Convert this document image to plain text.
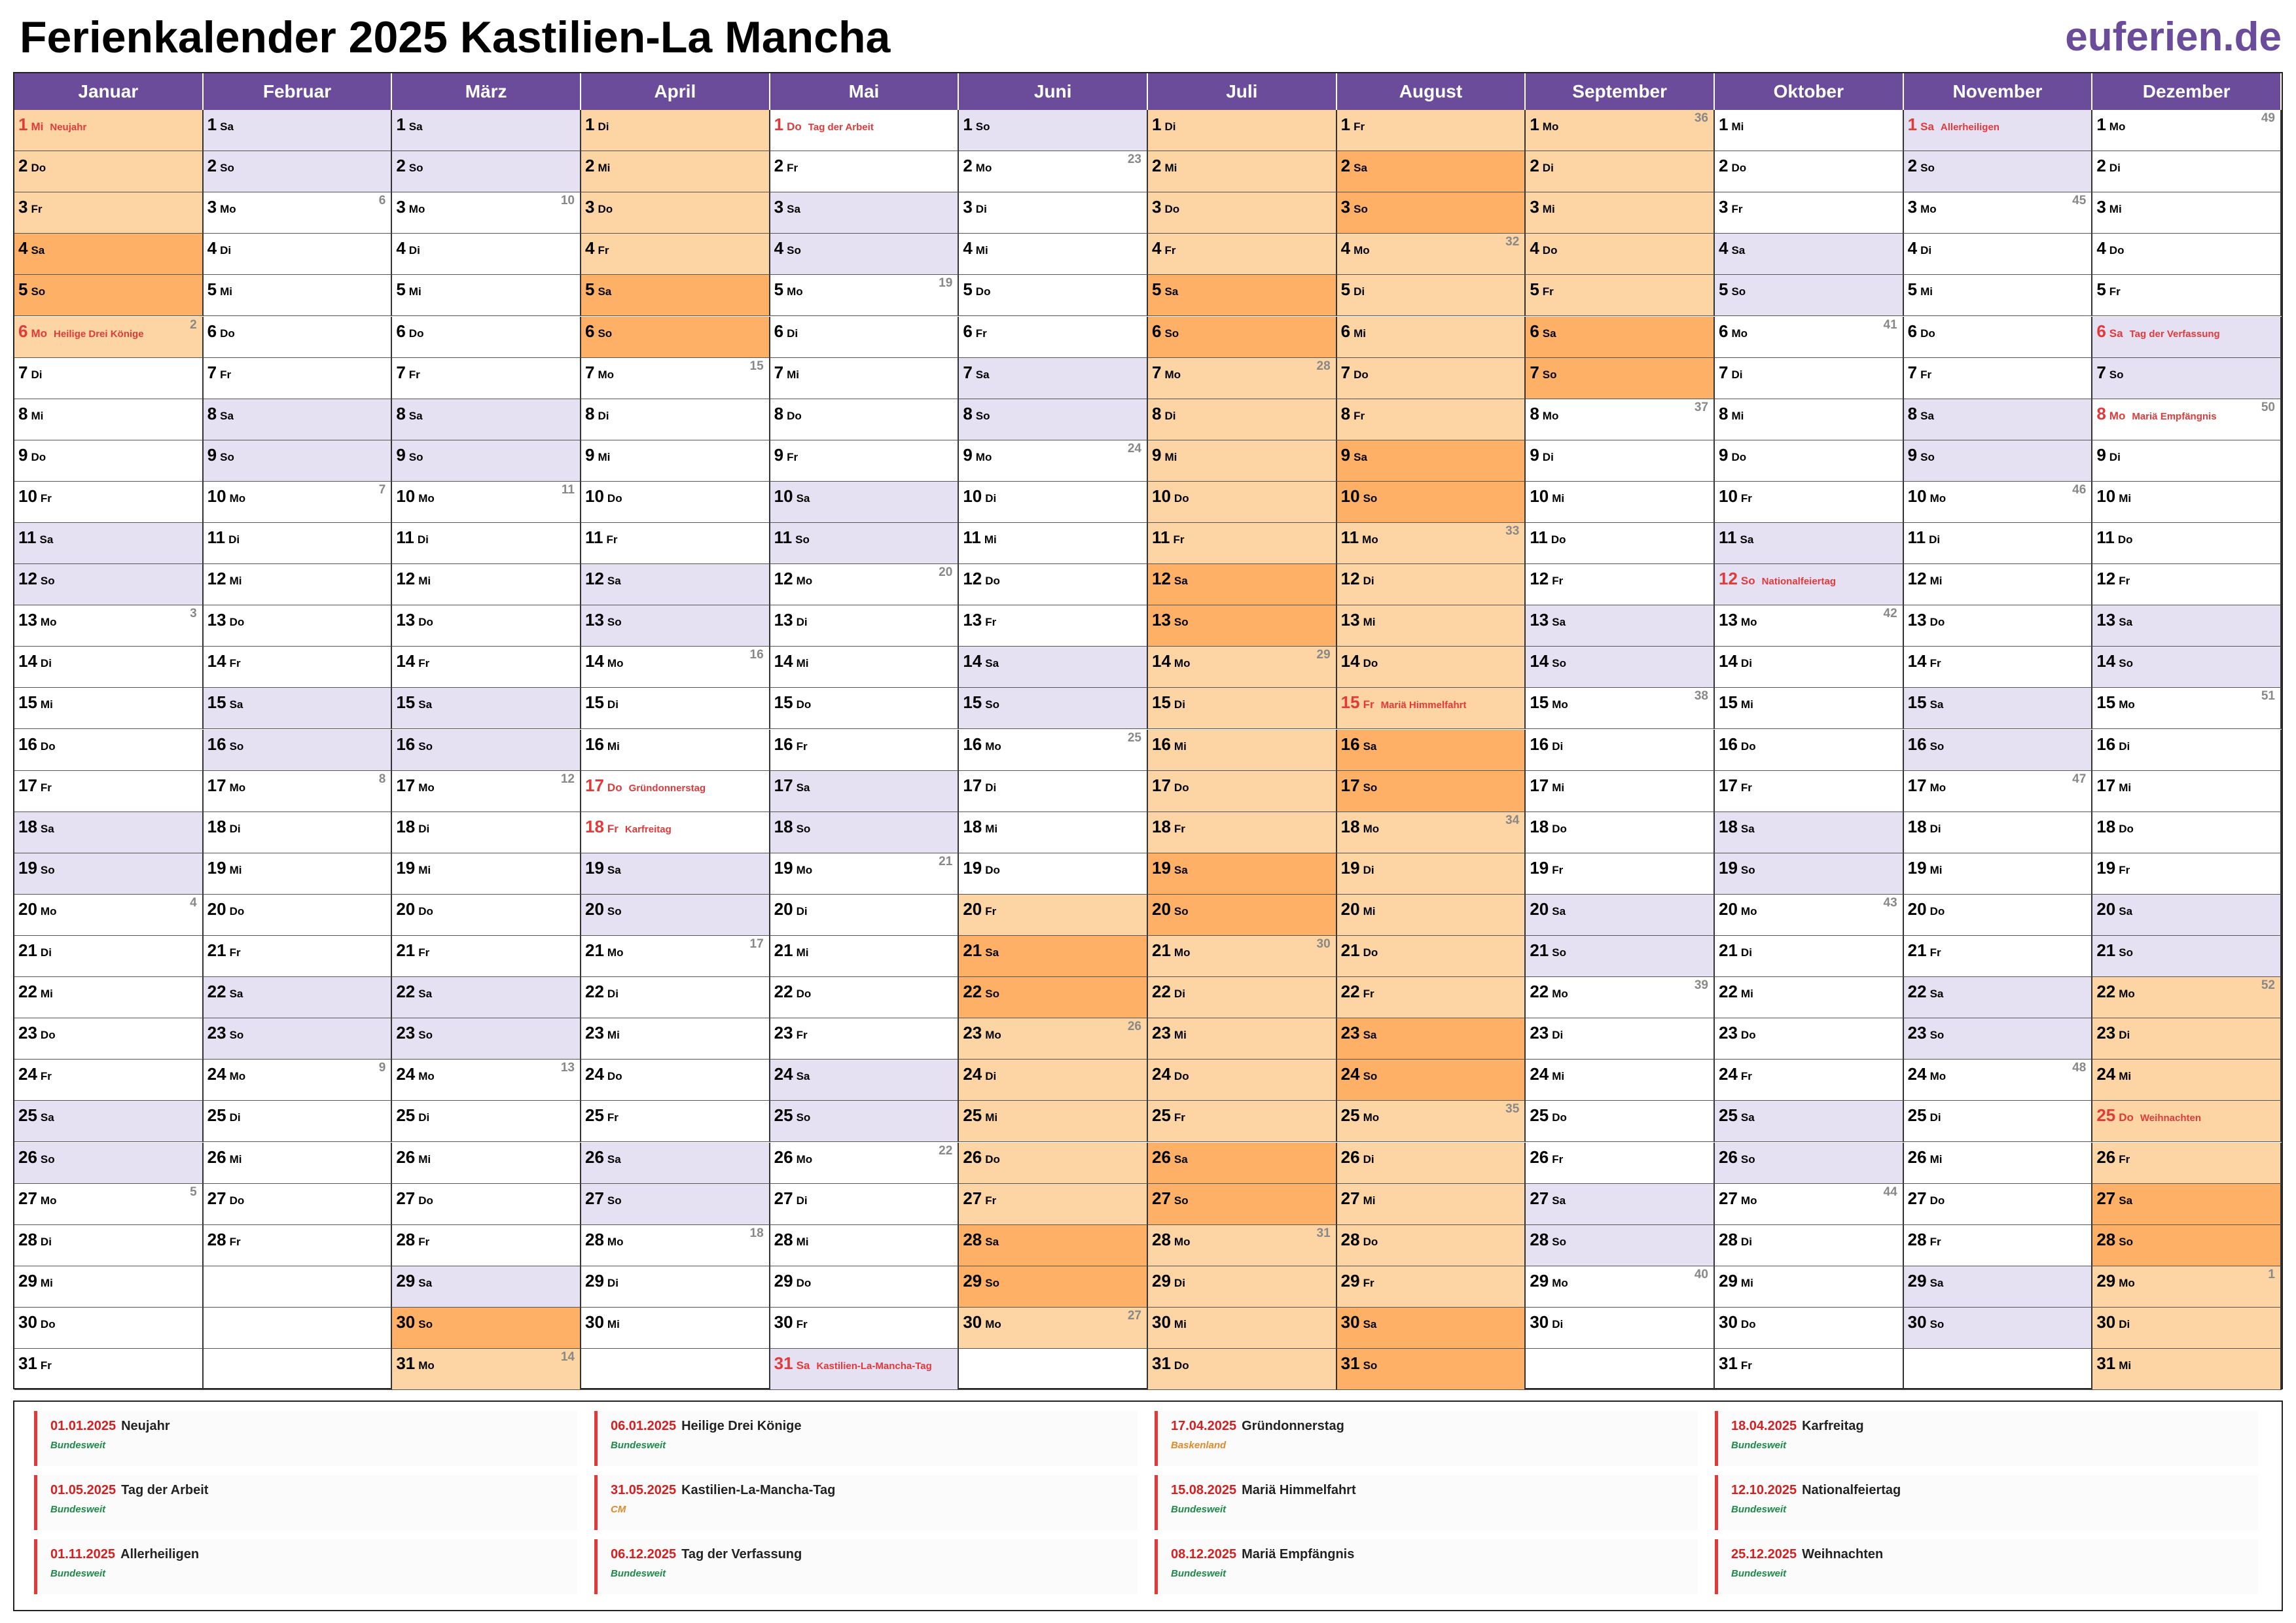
Ferienkalender 2025 Kastilien-La Mancha	euferien.de
Januar
1 Mi Neujahr
2 Do
3 Fr
4 Sa
5 So
6 Mo Heilige Drei Könige
2
7 Di
8 Mi
9 Do
10 Fr
11 Sa
12 So
13 Mo
3
14 Di
15 Mi
16 Do
17 Fr
18 Sa
19 So
20 Mo
4
21 Di
22 Mi
23 Do
24 Fr
25 Sa
26 So
27 Mo
5
28 Di
29 Mi
30 Do
31 Fr
Februar
1 Sa
2 So
3 Mo
6
4 Di
5 Mi
6 Do
7 Fr
8 Sa
9 So
10 Mo
7
11 Di
12 Mi
13 Do
14 Fr
15 Sa
16 So
17 Mo
8
18 Di
19 Mi
20 Do
21 Fr
22 Sa
23 So
24 Mo
9
25 Di
26 Mi
27 Do
28 Fr
März
1 Sa
2 So
3 Mo
10
4 Di
5 Mi
6 Do
7 Fr
8 Sa
9 So
10 Mo
11
11 Di
12 Mi
13 Do
14 Fr
15 Sa
16 So
17 Mo
12
18 Di
19 Mi
20 Do
21 Fr
22 Sa
23 So
24 Mo
13
25 Di
26 Mi
27 Do
28 Fr
29 Sa
30 So
31 Mo
14
April
1 Di
2 Mi
3 Do
4 Fr
5 Sa
6 So
7 Mo
15
8 Di
9 Mi
10 Do
11 Fr
12 Sa
13 So
14 Mo
16
15 Di
16 Mi
17 Do Gründonnerstag
18 Fr Karfreitag
19 Sa
20 So
21 Mo
17
22 Di
23 Mi
24 Do
25 Fr
26 Sa
27 So
28 Mo
18
29 Di
30 Mi
Mai
1 Do Tag der Arbeit
2 Fr
3 Sa
4 So
5 Mo
19
6 Di
7 Mi
8 Do
9 Fr
10 Sa
11 So
12 Mo
20
13 Di
14 Mi
15 Do
16 Fr
17 Sa
18 So
19 Mo
21
20 Di
21 Mi
22 Do
23 Fr
24 Sa
25 So
26 Mo
22
27 Di
28 Mi
29 Do
30 Fr
31 Sa Kastilien-La-Mancha-Tag
Juni
1 So
2 Mo
23
3 Di
4 Mi
5 Do
6 Fr
7 Sa
8 So
9 Mo
24
10 Di
11 Mi
12 Do
13 Fr
14 Sa
15 So
16 Mo
25
17 Di
18 Mi
19 Do
20 Fr
21 Sa
22 So
23 Mo
26
24 Di
25 Mi
26 Do
27 Fr
28 Sa
29 So
30 Mo
27
Juli
1 Di
2 Mi
3 Do
4 Fr
5 Sa
6 So
7 Mo
28
8 Di
9 Mi
10 Do
11 Fr
12 Sa
13 So
14 Mo
29
15 Di
16 Mi
17 Do
18 Fr
19 Sa
20 So
21 Mo
30
22 Di
23 Mi
24 Do
25 Fr
26 Sa
27 So
28 Mo
31
29 Di
30 Mi
31 Do
August
1 Fr
2 Sa
3 So
4 Mo
32
5 Di
6 Mi
7 Do
8 Fr
9 Sa
10 So
11 Mo
33
12 Di
13 Mi
14 Do
15 Fr Mariä Himmelfahrt
16 Sa
17 So
18 Mo
34
19 Di
20 Mi
21 Do
22 Fr
23 Sa
24 So
25 Mo
35
26 Di
27 Mi
28 Do
29 Fr
30 Sa
31 So
September
1 Mo
36
2 Di
3 Mi
4 Do
5 Fr
6 Sa
7 So
8 Mo
37
9 Di
10 Mi
11 Do
12 Fr
13 Sa
14 So
15 Mo
38
16 Di
17 Mi
18 Do
19 Fr
20 Sa
21 So
22 Mo
39
23 Di
24 Mi
25 Do
26 Fr
27 Sa
28 So
29 Mo
40
30 Di
Oktober
1 Mi
2 Do
3 Fr
4 Sa
5 So
6 Mo
41
7 Di
8 Mi
9 Do
10 Fr
11 Sa
12 So Nationalfeiertag
13 Mo
42
14 Di
15 Mi
16 Do
17 Fr
18 Sa
19 So
20 Mo
43
21 Di
22 Mi
23 Do
24 Fr
25 Sa
26 So
27 Mo
44
28 Di
29 Mi
30 Do
31 Fr
November
1 Sa Allerheiligen
2 So
3 Mo
45
4 Di
5 Mi
6 Do
7 Fr
8 Sa
9 So
10 Mo
46
11 Di
12 Mi
13 Do
14 Fr
15 Sa
16 So
17 Mo
47
18 Di
19 Mi
20 Do
21 Fr
22 Sa
23 So
24 Mo
48
25 Di
26 Mi
27 Do
28 Fr
29 Sa
30 So
Dezember
1 Mo
49
2 Di
3 Mi
4 Do
5 Fr
6 Sa Tag der Verfassung
7 So
8 Mo Mariä Empfängnis
50
9 Di
10 Mi
11 Do
12 Fr
13 Sa
14 So
15 Mo
51
16 Di
17 Mi
18 Do
19 Fr
20 Sa
21 So
22 Mo
52
23 Di
24 Mi
25 Do Weihnachten
26 Fr
27 Sa
28 So
29 Mo
1
30 Di
31 Mi
01.01.2025 Neujahr
Bundesweit
06.01.2025 Heilige Drei Könige
Bundesweit
17.04.2025 Gründonnerstag
Baskenland
18.04.2025 Karfreitag
Bundesweit
01.05.2025 Tag der Arbeit
Bundesweit
31.05.2025 Kastilien-La-Mancha-Tag
CM
15.08.2025 Mariä Himmelfahrt
Bundesweit
12.10.2025 Nationalfeiertag
Bundesweit
01.11.2025 Allerheiligen
Bundesweit
06.12.2025 Tag der Verfassung
Bundesweit
08.12.2025 Mariä Empfängnis
Bundesweit
25.12.2025 Weihnachten
Bundesweit
